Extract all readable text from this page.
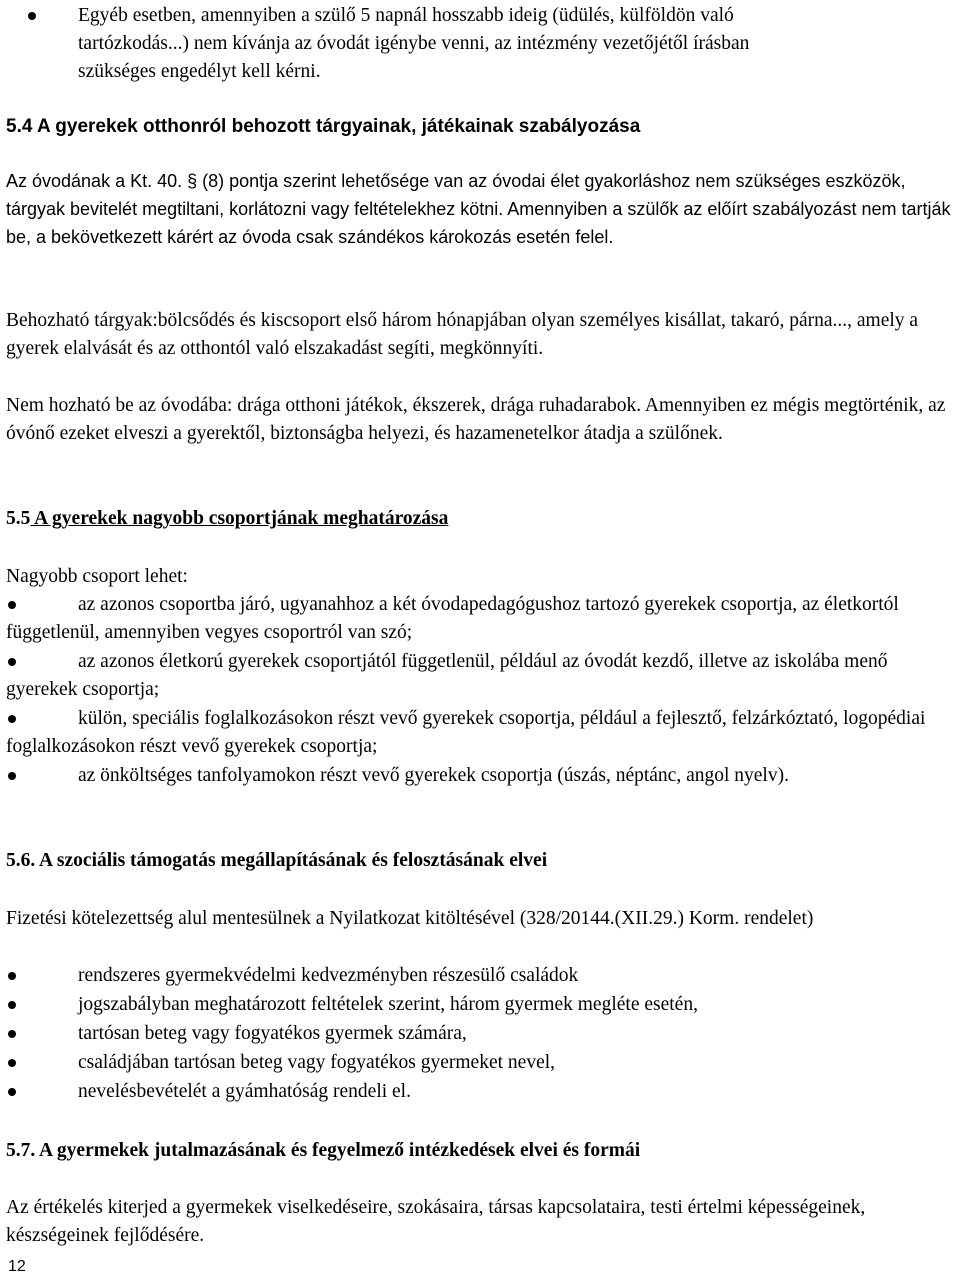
Egyéb esetben, amennyiben a szülő 5 napnál hosszabb ideig (üdülés, külföldön való
tartózkodás...) nem kívánja az óvodát igénybe venni, az intézmény vezetőjétől írásban
szükséges engedélyt kell kérni.
5.4 A gyerekek otthonról behozott tárgyainak, játékainak szabályozása
Az óvodának a Kt. 40. § (8) pontja szerint lehetősége van az óvodai élet gyakorláshoz nem szükséges eszközök, tárgyak bevitelét megtiltani, korlátozni vagy feltételekhez kötni. Amennyiben a szülők az előírt szabályozást nem tartják be, a bekövetkezett kárért az óvoda csak szándékos károkozás esetén felel.
Behozható tárgyak:bölcsődés és kiscsoport első három hónapjában olyan személyes kisállat, takaró, párna..., amely a gyerek elalvását és az otthontól való elszakadást segíti, megkönnyíti.
Nem hozható be az óvodába: drága otthoni játékok, ékszerek, drága ruhadarabok. Amennyiben ez mégis megtörténik, az óvónő ezeket elveszi a gyerektől, biztonságba helyezi, és hazamenetelkor átadja a szülőnek.
5.5 A gyerekek nagyobb csoportjának meghatározása
Nagyobb csoport lehet:
az azonos csoportba járó, ugyanahhoz a két óvodapedagógushoz tartozó gyerekek csoportja, az életkortól függetlenül, amennyiben vegyes csoportról van szó;
az azonos életkorú gyerekek csoportjától függetlenül, például az óvodát kezdő, illetve az iskolába menő gyerekek csoportja;
külön, speciális foglalkozásokon részt vevő gyerekek csoportja, például a fejlesztő, felzárkóztató, logopédiai foglalkozásokon részt vevő gyerekek csoportja;
az önköltséges tanfolyamokon részt vevő gyerekek csoportja (úszás, néptánc, angol nyelv).
5.6. A szociális támogatás megállapításának és felosztásának elvei
Fizetési kötelezettség alul mentesülnek a Nyilatkozat kitöltésével (328/20144.(XII.29.) Korm. rendelet)
rendszeres gyermekvédelmi kedvezményben részesülő családok
jogszabályban meghatározott feltételek szerint, három gyermek megléte esetén,
tartósan beteg vagy fogyatékos gyermek számára,
családjában tartósan beteg vagy fogyatékos gyermeket nevel,
nevelésbevételét a gyámhatóság rendeli el.
5.7. A gyermekek jutalmazásának és fegyelmező intézkedések elvei és formái
Az értékelés kiterjed a gyermekek viselkedéseire, szokásaira, társas kapcsolataira, testi értelmi képességeinek, készségeinek fejlődésére.
12
